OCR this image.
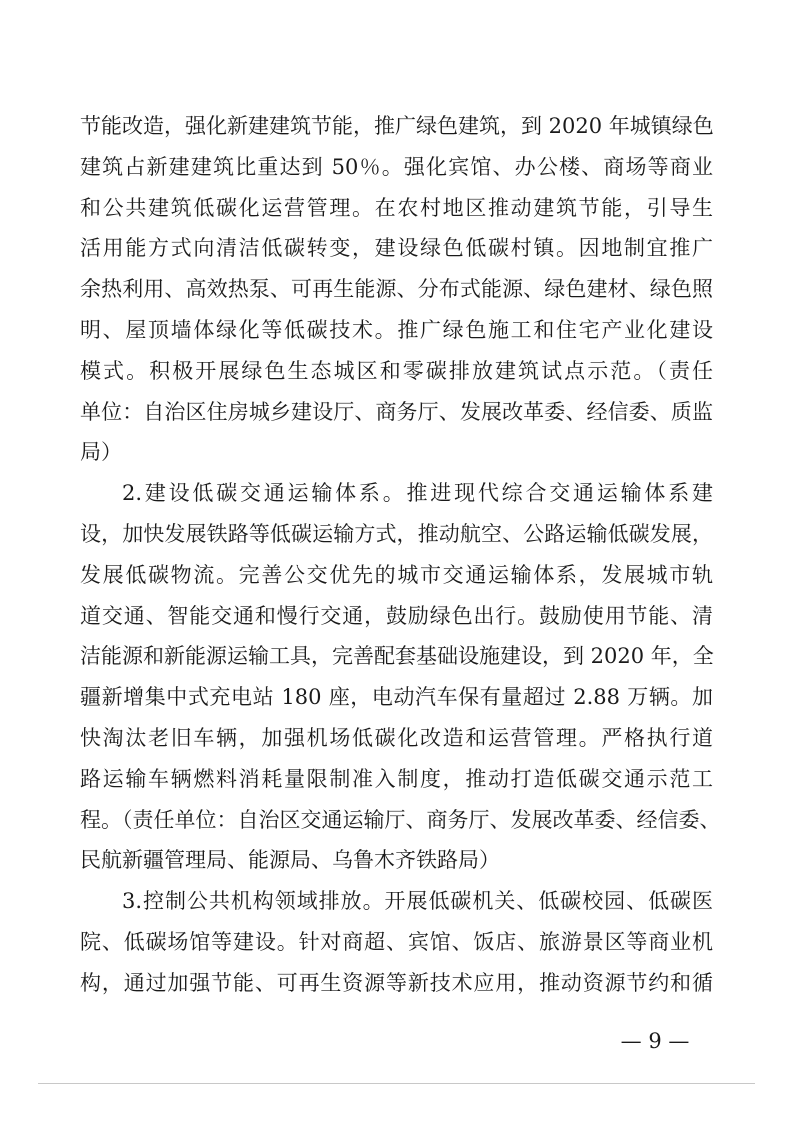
节能改造，强化新建建筑节能，推广绿色建筑，到 2020 年城镇绿色
建筑占新建建筑比重达到 50％。强化宾馆、办公楼、商场等商业
和公共建筑低碳化运营管理。在农村地区推动建筑节能，引导生
活用能方式向清洁低碳转变，建设绿色低碳村镇。因地制宜推广
余热利用、高效热泵、可再生能源、分布式能源、绿色建材、绿色照
明、屋顶墙体绿化等低碳技术。推广绿色施工和住宅产业化建设
模式。积极开展绿色生态城区和零碳排放建筑试点示范。（责任
单位：自治区住房城乡建设厅、商务厅、发展改革委、经信委、质监
局）
2.建设低碳交通运输体系。推进现代综合交通运输体系建
设，加快发展铁路等低碳运输方式，推动航空、公路运输低碳发展，
发展低碳物流。完善公交优先的城市交通运输体系，发展城市轨
道交通、智能交通和慢行交通，鼓励绿色出行。鼓励使用节能、清
洁能源和新能源运输工具，完善配套基础设施建设，到 2020 年，全
疆新增集中式充电站 180 座，电动汽车保有量超过 2.88 万辆。加
快淘汰老旧车辆，加强机场低碳化改造和运营管理。严格执行道
路运输车辆燃料消耗量限制准入制度，推动打造低碳交通示范工
程。（责任单位：自治区交通运输厅、商务厅、发展改革委、经信委、
民航新疆管理局、能源局、乌鲁木齐铁路局）
3.控制公共机构领域排放。开展低碳机关、低碳校园、低碳医
院、低碳场馆等建设。针对商超、宾馆、饭店、旅游景区等商业机
构，通过加强节能、可再生资源等新技术应用，推动资源节约和循
— 9 —
